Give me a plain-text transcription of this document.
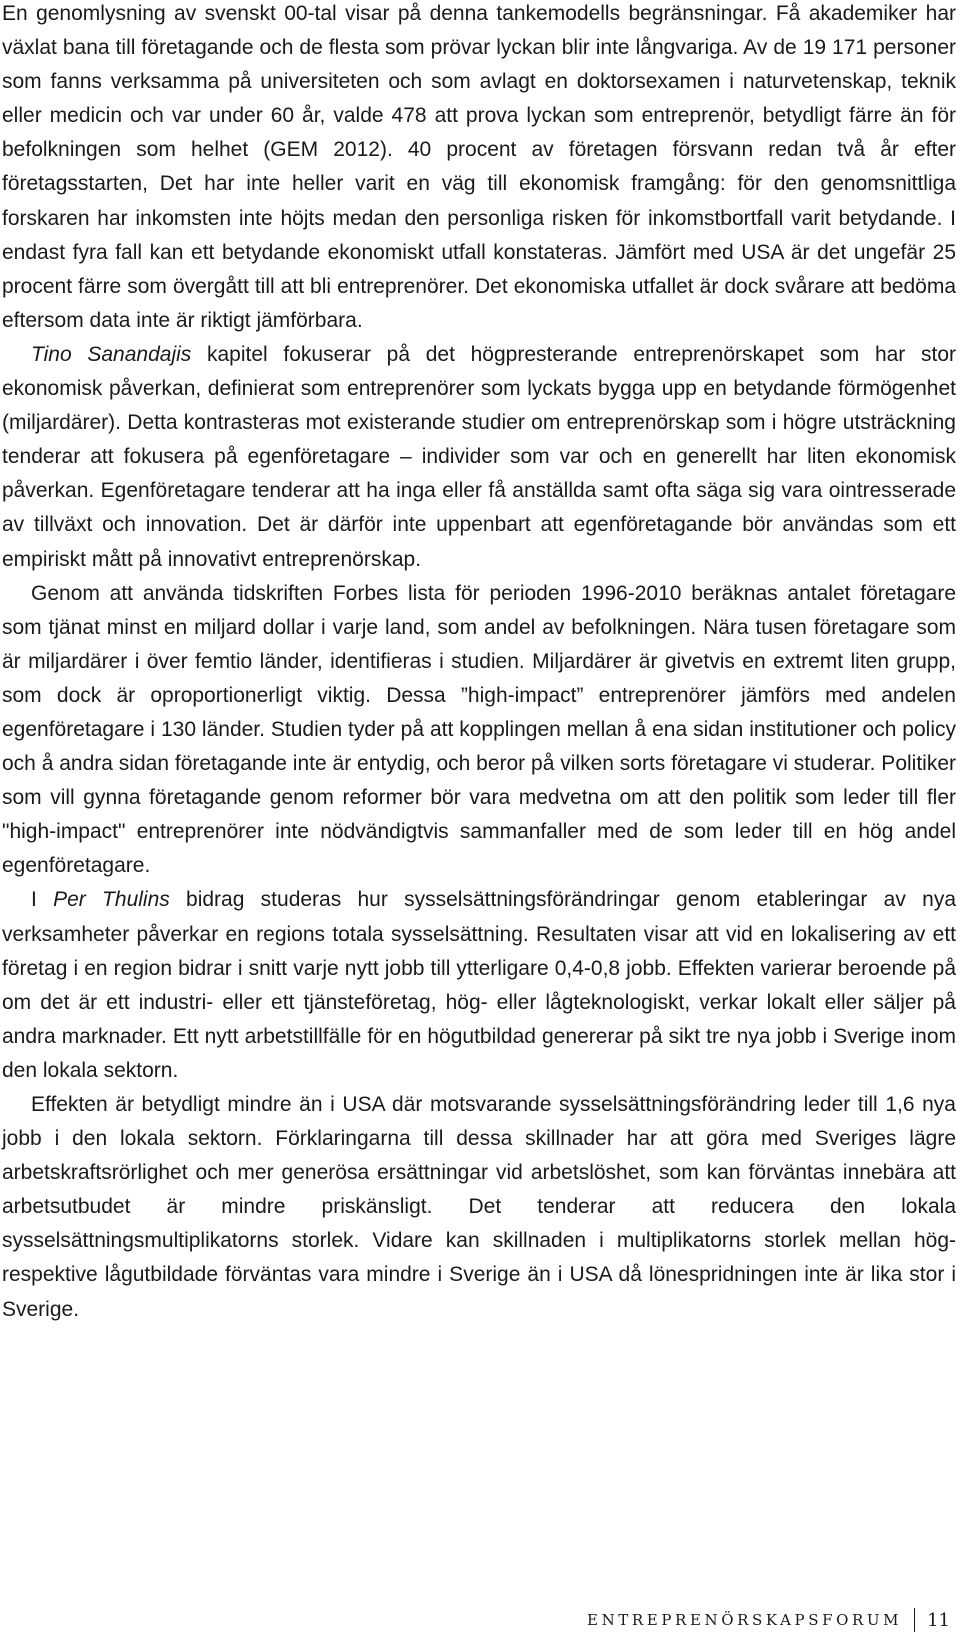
En genomlysning av svenskt 00-tal visar på denna tankemodells begränsningar. Få akademiker har växlat bana till företagande och de flesta som prövar lyckan blir inte långvariga. Av de 19 171 personer som fanns verksamma på universiteten och som avlagt en doktorsexamen i naturvetenskap, teknik eller medicin och var under 60 år, valde 478 att prova lyckan som entreprenör, betydligt färre än för befolkningen som helhet (GEM 2012). 40 procent av företagen försvann redan två år efter företagsstarten, Det har inte heller varit en väg till ekonomisk framgång: för den genomsnittliga forskaren har inkomsten inte höjts medan den personliga risken för inkomstbortfall varit betydande. I endast fyra fall kan ett betydande ekonomiskt utfall konstateras. Jämfört med USA är det ungefär 25 procent färre som övergått till att bli entreprenörer. Det ekonomiska utfallet är dock svårare att bedöma eftersom data inte är riktigt jämförbara.

Tino Sanandajis kapitel fokuserar på det högpresterande entreprenörskapet som har stor ekonomisk påverkan, definierat som entreprenörer som lyckats bygga upp en betydande förmögenhet (miljardärer). Detta kontrasteras mot existerande studier om entreprenörskap som i högre utsträckning tenderar att fokusera på egenföretagare – individer som var och en generellt har liten ekonomisk påverkan. Egenföretagare tenderar att ha inga eller få anställda samt ofta säga sig vara ointresserade av tillväxt och innovation. Det är därför inte uppenbart att egenföretagande bör användas som ett empiriskt mått på innovativt entreprenörskap.

Genom att använda tidskriften Forbes lista för perioden 1996-2010 beräknas antalet företagare som tjänat minst en miljard dollar i varje land, som andel av befolkningen. Nära tusen företagare som är miljardärer i över femtio länder, identifieras i studien. Miljardärer är givetvis en extremt liten grupp, som dock är oproportionerligt viktig. Dessa ”high-impact” entreprenörer jämförs med andelen egenföretagare i 130 länder. Studien tyder på att kopplingen mellan å ena sidan institutioner och policy och å andra sidan företagande inte är entydig, och beror på vilken sorts företagare vi studerar. Politiker som vill gynna företagande genom reformer bör vara medvetna om att den politik som leder till fler "high-impact" entreprenörer inte nödvändigtvis sammanfaller med de som leder till en hög andel egenföretagare.

I Per Thulins bidrag studeras hur sysselsättningsförändringar genom etableringar av nya verksamheter påverkar en regions totala sysselsättning. Resultaten visar att vid en lokalisering av ett företag i en region bidrar i snitt varje nytt jobb till ytterligare 0,4-0,8 jobb. Effekten varierar beroende på om det är ett industri- eller ett tjänsteföretag, hög- eller lågteknologiskt, verkar lokalt eller säljer på andra marknader. Ett nytt arbetstillfälle för en högutbildad genererar på sikt tre nya jobb i Sverige inom den lokala sektorn.

Effekten är betydligt mindre än i USA där motsvarande sysselsättningsförändring leder till 1,6 nya jobb i den lokala sektorn. Förklaringarna till dessa skillnader har att göra med Sveriges lägre arbetskraftsrörlighet och mer generösa ersättningar vid arbetslöshet, som kan förväntas innebära att arbetsutbudet är mindre priskänsligt. Det tenderar att reducera den lokala sysselsättningsmultiplikatorns storlek. Vidare kan skillnaden i multiplikatorns storlek mellan hög- respektive lågutbildade förväntas vara mindre i Sverige än i USA då lönespridningen inte är lika stor i Sverige.

ENTREPRENÖRSKAPSFORUM 11
